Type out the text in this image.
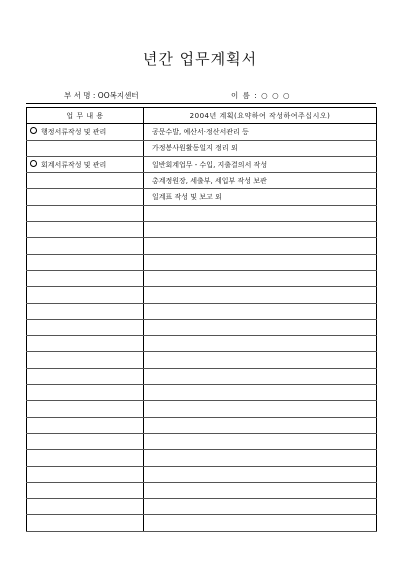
년간 업무계획서
부 서 명 : OO복지센터	이 름 : ○ ○ ○
업 무 내 용	2004년 계획(요약하여 작성하여주십시오)
행정서류작성 및 관리	공문수발, 예산서·정산서관리 등
	가정봉사원활동일지 정리 외
회계서류작성 및 관리	일반회계업무 - 수입, 지출결의서 작성
	총계정원장, 세출부, 세입부 작성 보관
	일계표 작성 및 보고 외
